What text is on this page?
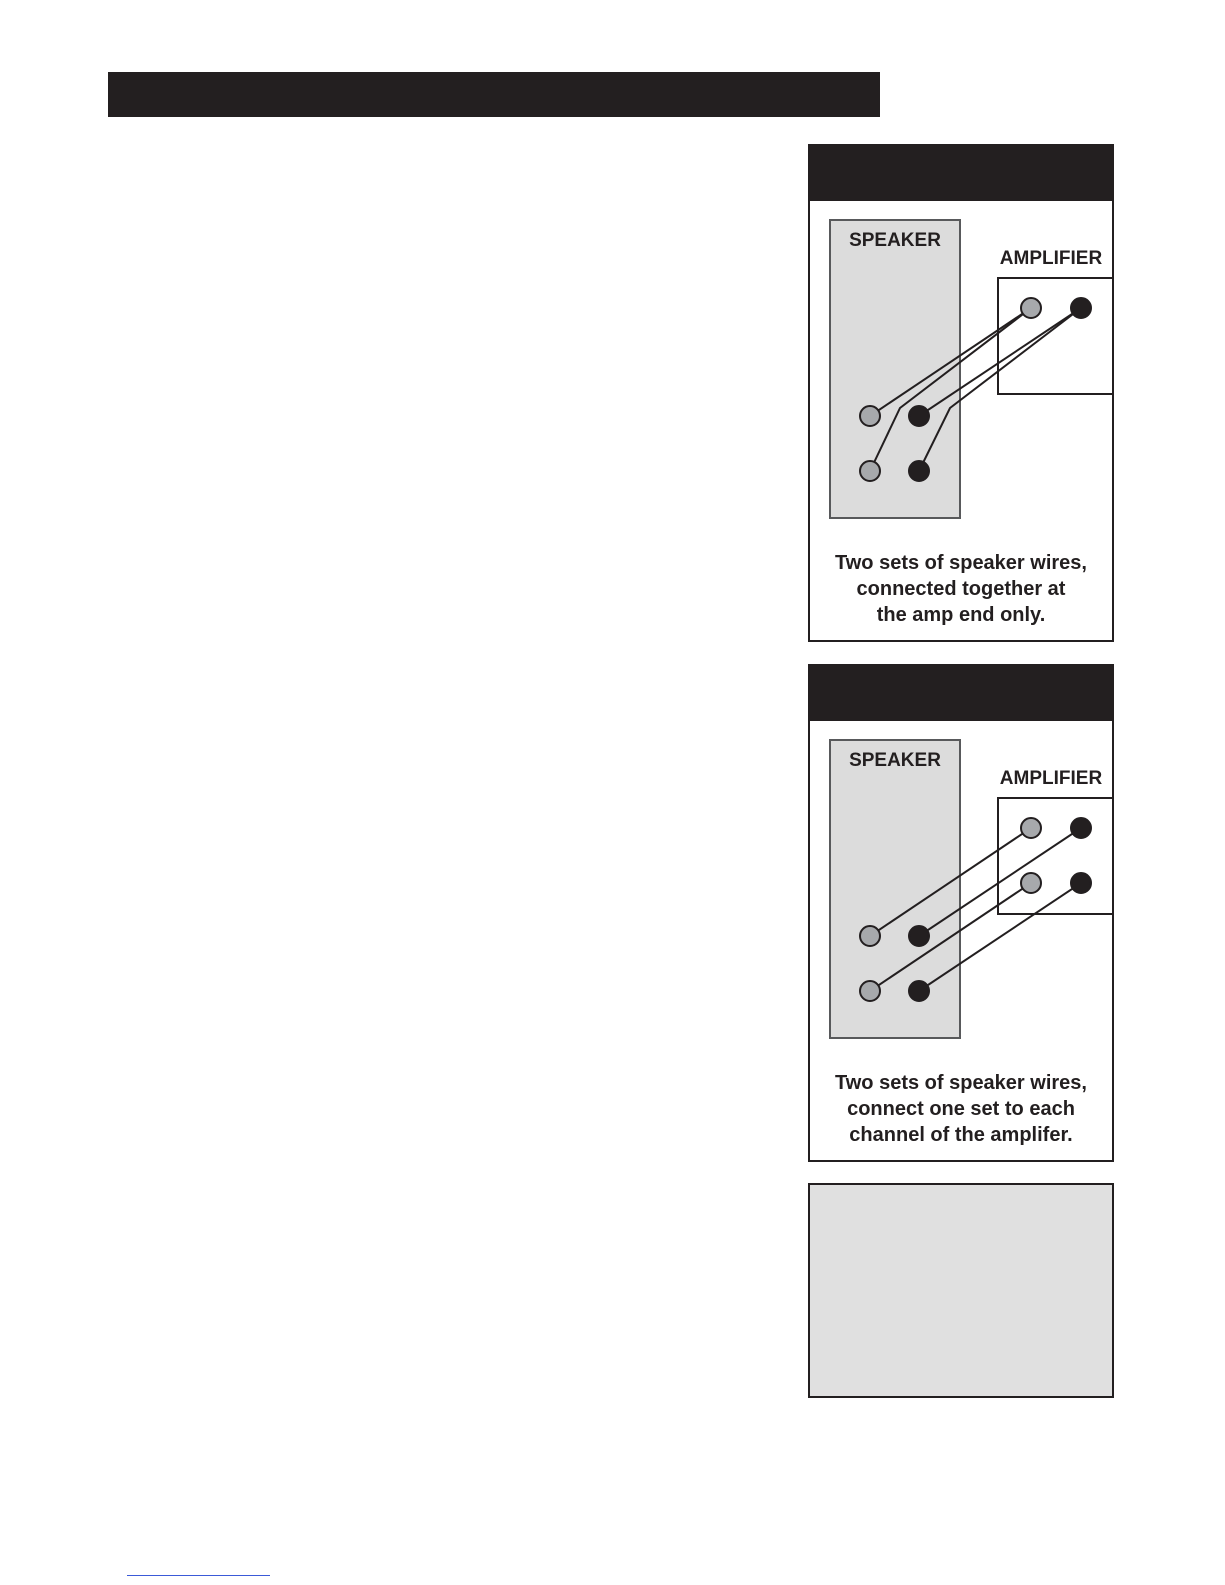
SPEAKER
AMPLIFIER
Two sets of speaker wires,
connected together at
the amp end only.
SPEAKER
AMPLIFIER
Two sets of speaker wires,
connect one set to each
channel of the amplifer.
